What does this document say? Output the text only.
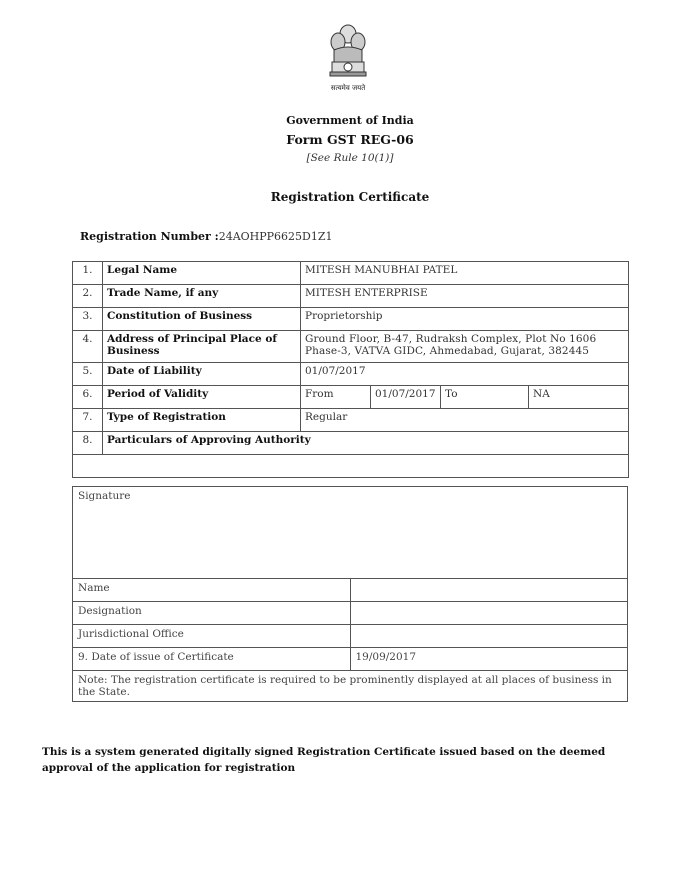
सत्यमेव जयते
Government of India
Form GST REG-06
[See Rule 10(1)]
Registration Certificate
Registration Number :24AOHPP6625D1Z1
1.	Legal Name	MITESH MANUBHAI PATEL			
2.	Trade Name, if any	MITESH ENTERPRISE			
3.	Constitution of Business	Proprietorship			
4.	Address of Principal Place of Business	Ground Floor, B-47, Rudraksh Complex, Plot No 1606 Phase-3, VATVA GIDC, Ahmedabad, Gujarat, 382445			
5.	Date of Liability	01/07/2017			
6.	Period of Validity	From	01/07/2017	To	NA
7.	Type of Registration	Regular			
8.	Particulars of Approving Authority				

Signature	
Name	
Designation	
Jurisdictional Office	
9. Date of issue of Certificate	19/09/2017
Note: The registration certificate is required to be prominently displayed at all places of business in the State.	
This is a system generated digitally signed Registration Certificate issued based on the deemed approval of the application for registration
